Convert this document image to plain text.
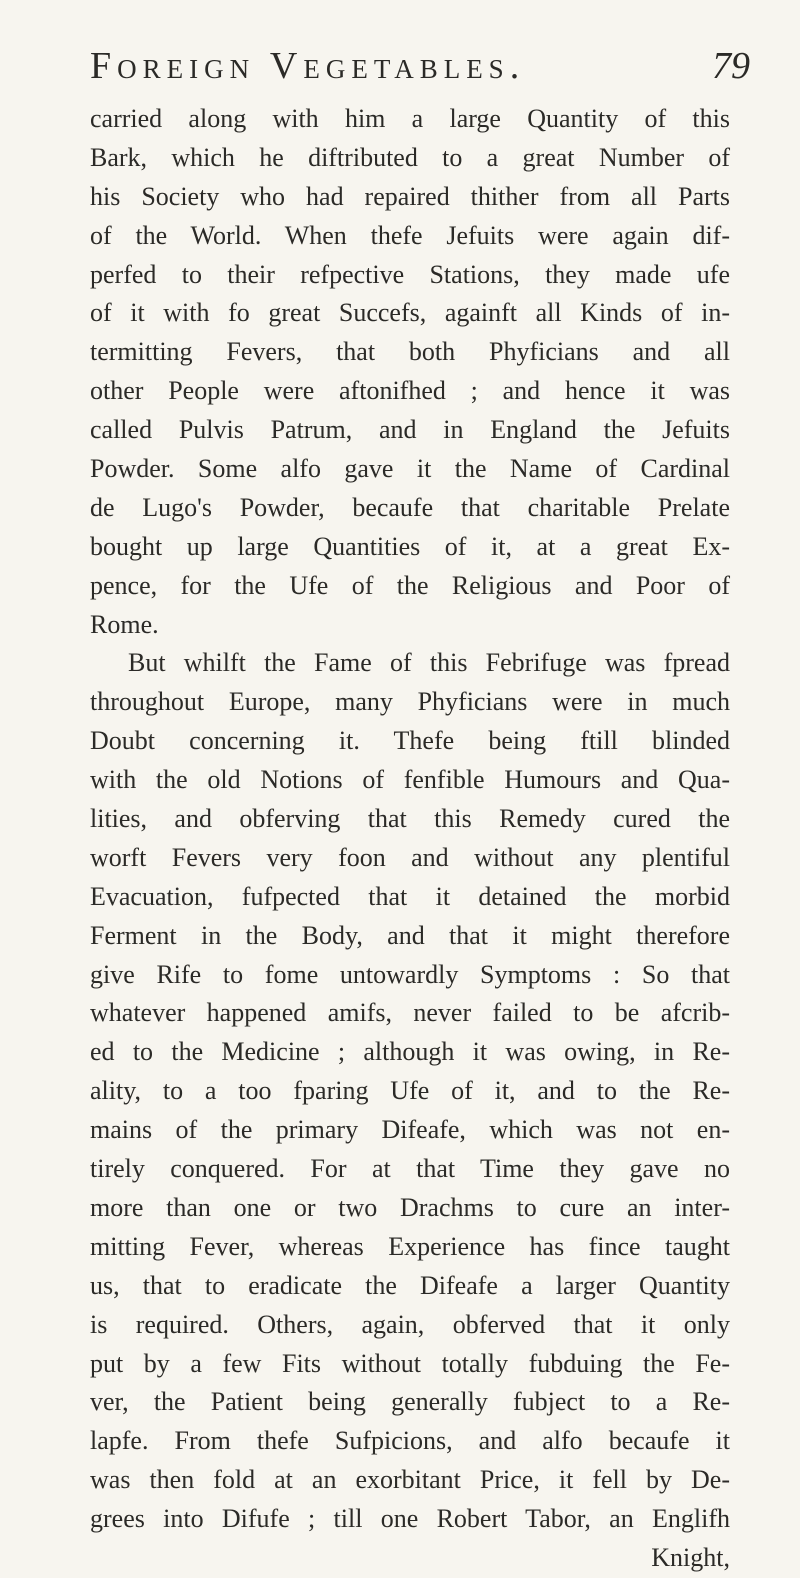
Foreign Vegetables.	79
carried along with him a large Quantity of this
Bark, which he diftributed to a great Number of
his Society who had repaired thither from all Parts
of the World. When thefe Jefuits were again dif-
perfed to their refpective Stations, they made ufe
of it with fo great Succefs, againft all Kinds of in-
termitting Fevers, that both Phyficians and all
other People were aftonifhed ; and hence it was
called Pulvis Patrum, and in England the Jefuits
Powder. Some alfo gave it the Name of Cardinal
de Lugo's Powder, becaufe that charitable Prelate
bought up large Quantities of it, at a great Ex-
pence, for the Ufe of the Religious and Poor of
Rome.
But whilft the Fame of this Febrifuge was fpread
throughout Europe, many Phyficians were in much
Doubt concerning it. Thefe being ftill blinded
with the old Notions of fenfible Humours and Qua-
lities, and obferving that this Remedy cured the
worft Fevers very foon and without any plentiful
Evacuation, fufpected that it detained the morbid
Ferment in the Body, and that it might therefore
give Rife to fome untowardly Symptoms : So that
whatever happened amifs, never failed to be afcrib-
ed to the Medicine ; although it was owing, in Re-
ality, to a too fparing Ufe of it, and to the Re-
mains of the primary Difeafe, which was not en-
tirely conquered. For at that Time they gave no
more than one or two Drachms to cure an inter-
mitting Fever, whereas Experience has fince taught
us, that to eradicate the Difeafe a larger Quantity
is required. Others, again, obferved that it only
put by a few Fits without totally fubduing the Fe-
ver, the Patient being generally fubject to a Re-
lapfe. From thefe Sufpicions, and alfo becaufe it
was then fold at an exorbitant Price, it fell by De-
grees into Difufe ; till one Robert Tabor, an Englifh
Knight,
